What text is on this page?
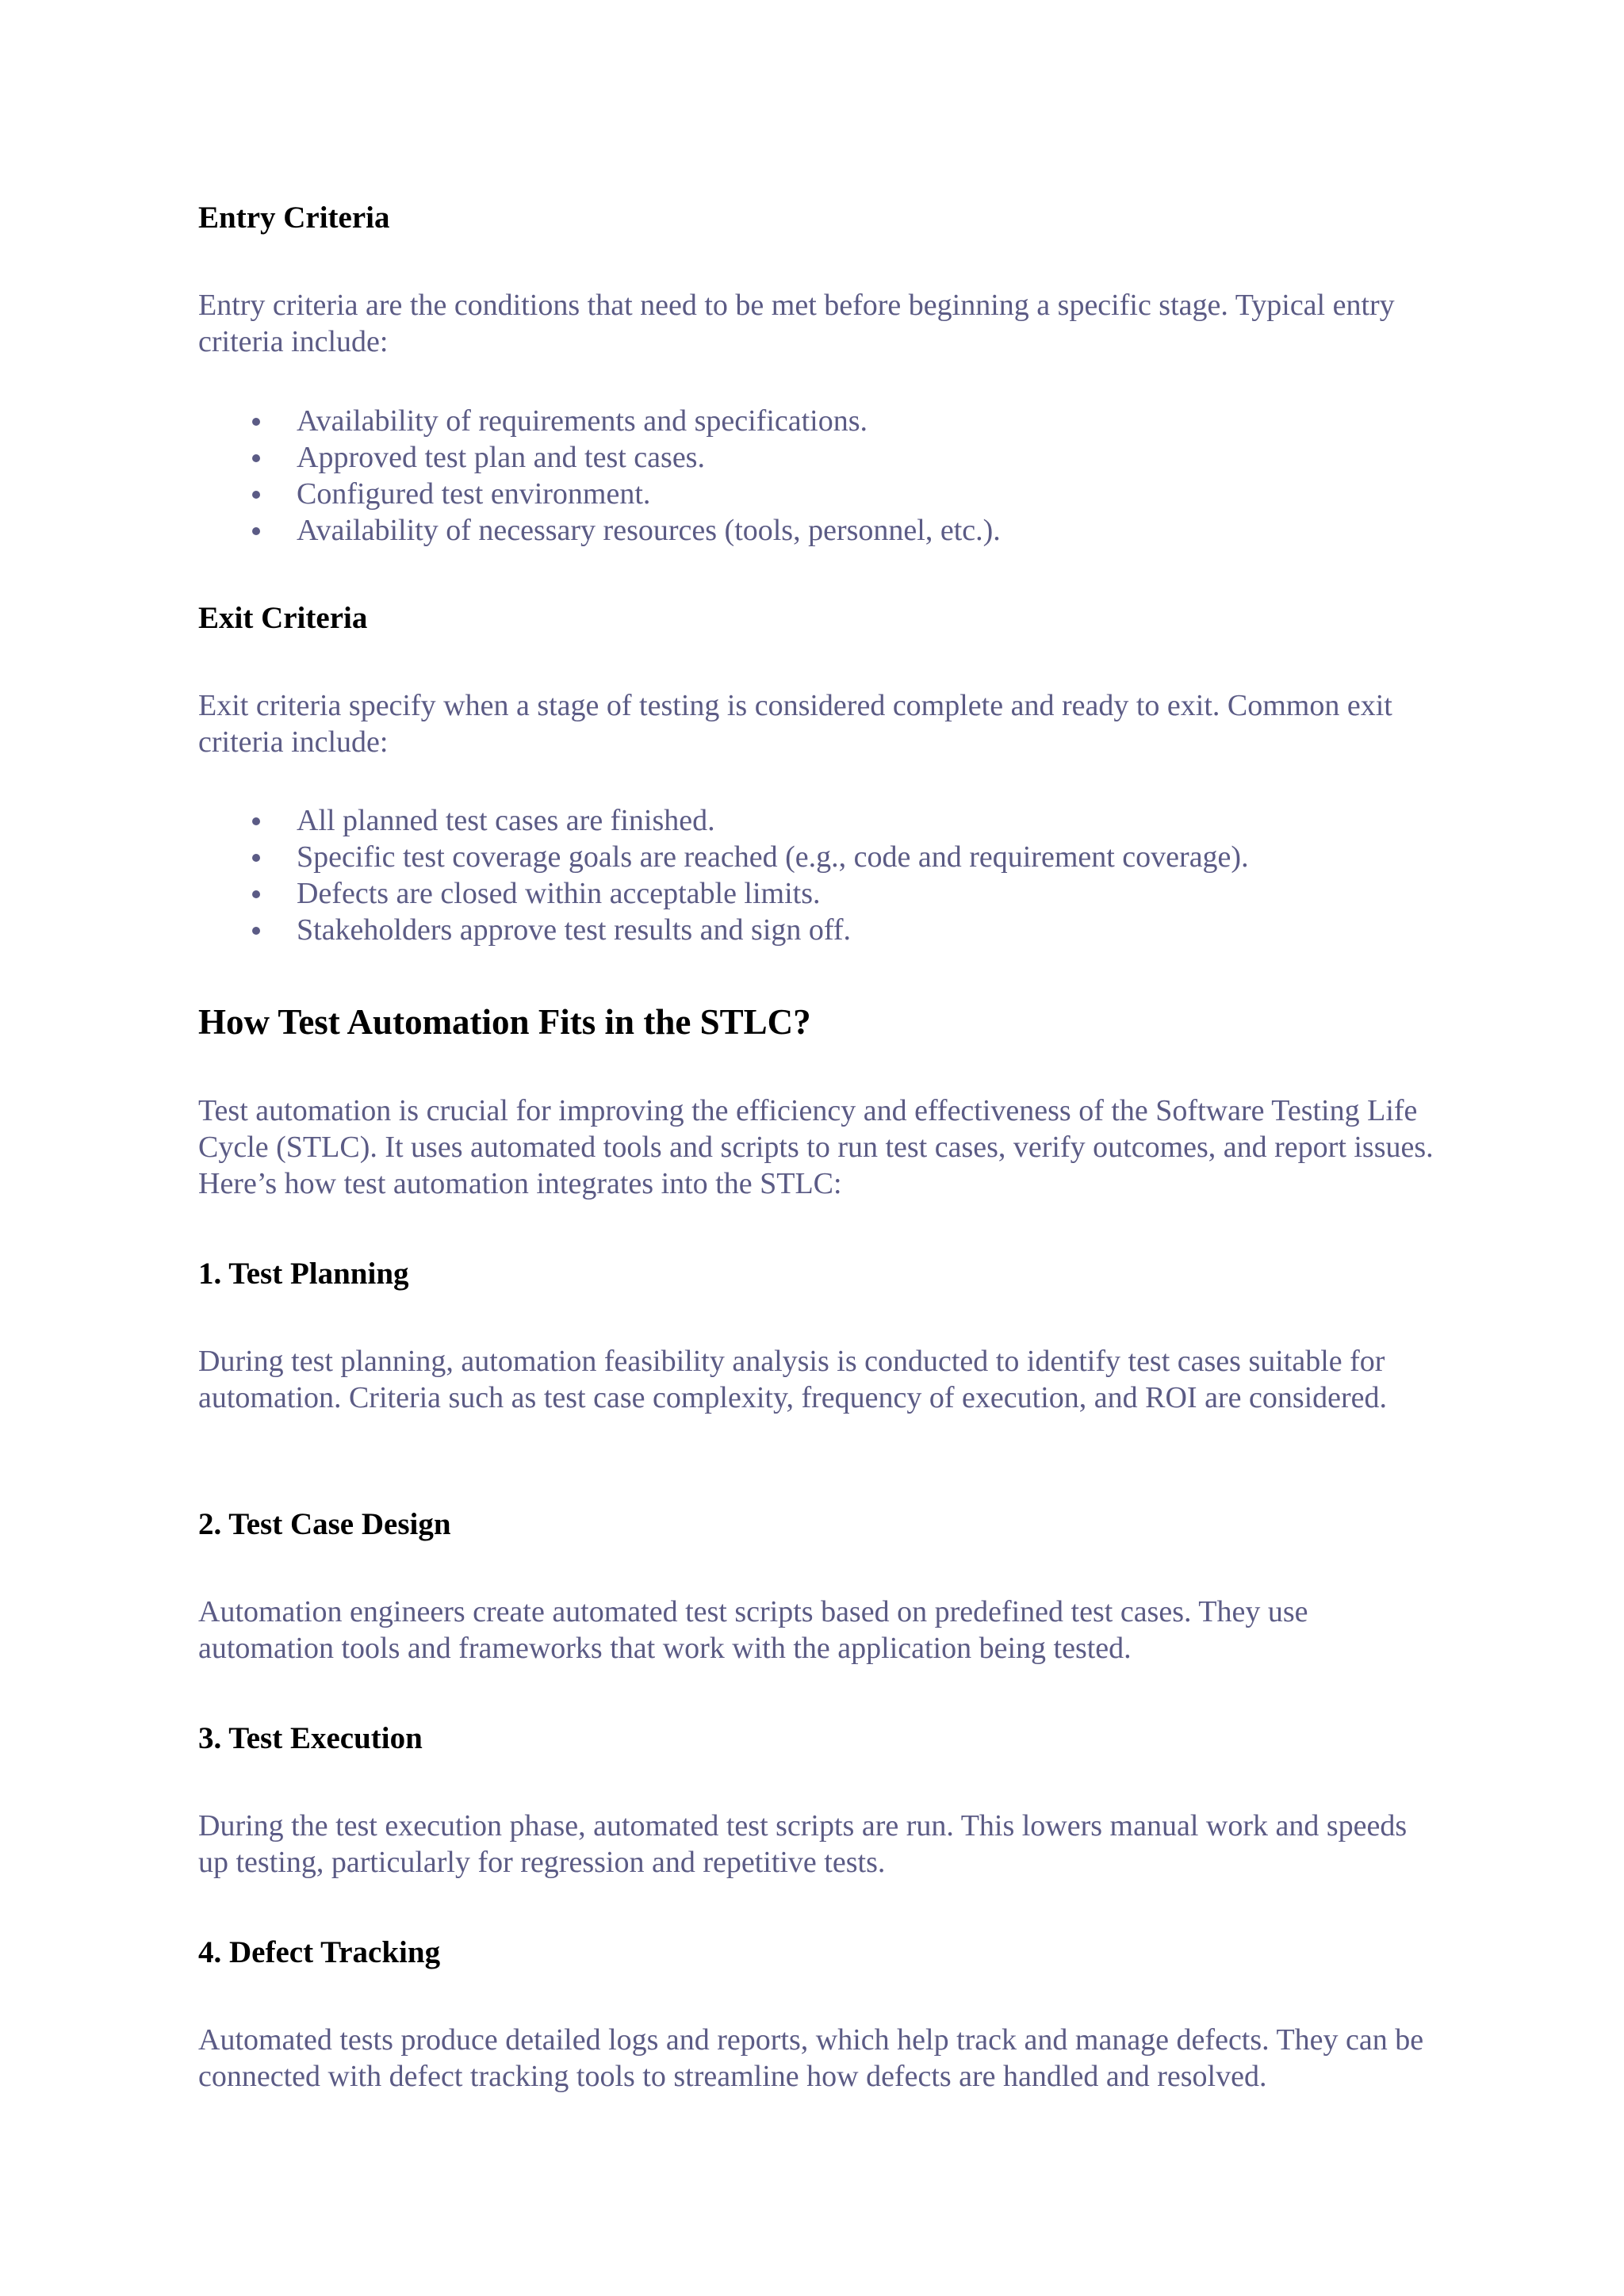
Entry Criteria

Entry criteria are the conditions that need to be met before beginning a specific stage. Typical entry criteria include:

Availability of requirements and specifications.
Approved test plan and test cases.
Configured test environment.
Availability of necessary resources (tools, personnel, etc.).
Exit Criteria

Exit criteria specify when a stage of testing is considered complete and ready to exit. Common exit criteria include:

All planned test cases are finished.
Specific test coverage goals are reached (e.g., code and requirement coverage).
Defects are closed within acceptable limits.
Stakeholders approve test results and sign off.
How Test Automation Fits in the STLC?

Test automation is crucial for improving the efficiency and effectiveness of the Software Testing Life Cycle (STLC). It uses automated tools and scripts to run test cases, verify outcomes, and report issues. Here’s how test automation integrates into the STLC:

1. Test Planning

During test planning, automation feasibility analysis is conducted to identify test cases suitable for automation. Criteria such as test case complexity, frequency of execution, and ROI are considered.

2. Test Case Design

Automation engineers create automated test scripts based on predefined test cases. They use automation tools and frameworks that work with the application being tested.

3. Test Execution

During the test execution phase, automated test scripts are run. This lowers manual work and speeds up testing, particularly for regression and repetitive tests.

4. Defect Tracking

Automated tests produce detailed logs and reports, which help track and manage defects. They can be connected with defect tracking tools to streamline how defects are handled and resolved.
